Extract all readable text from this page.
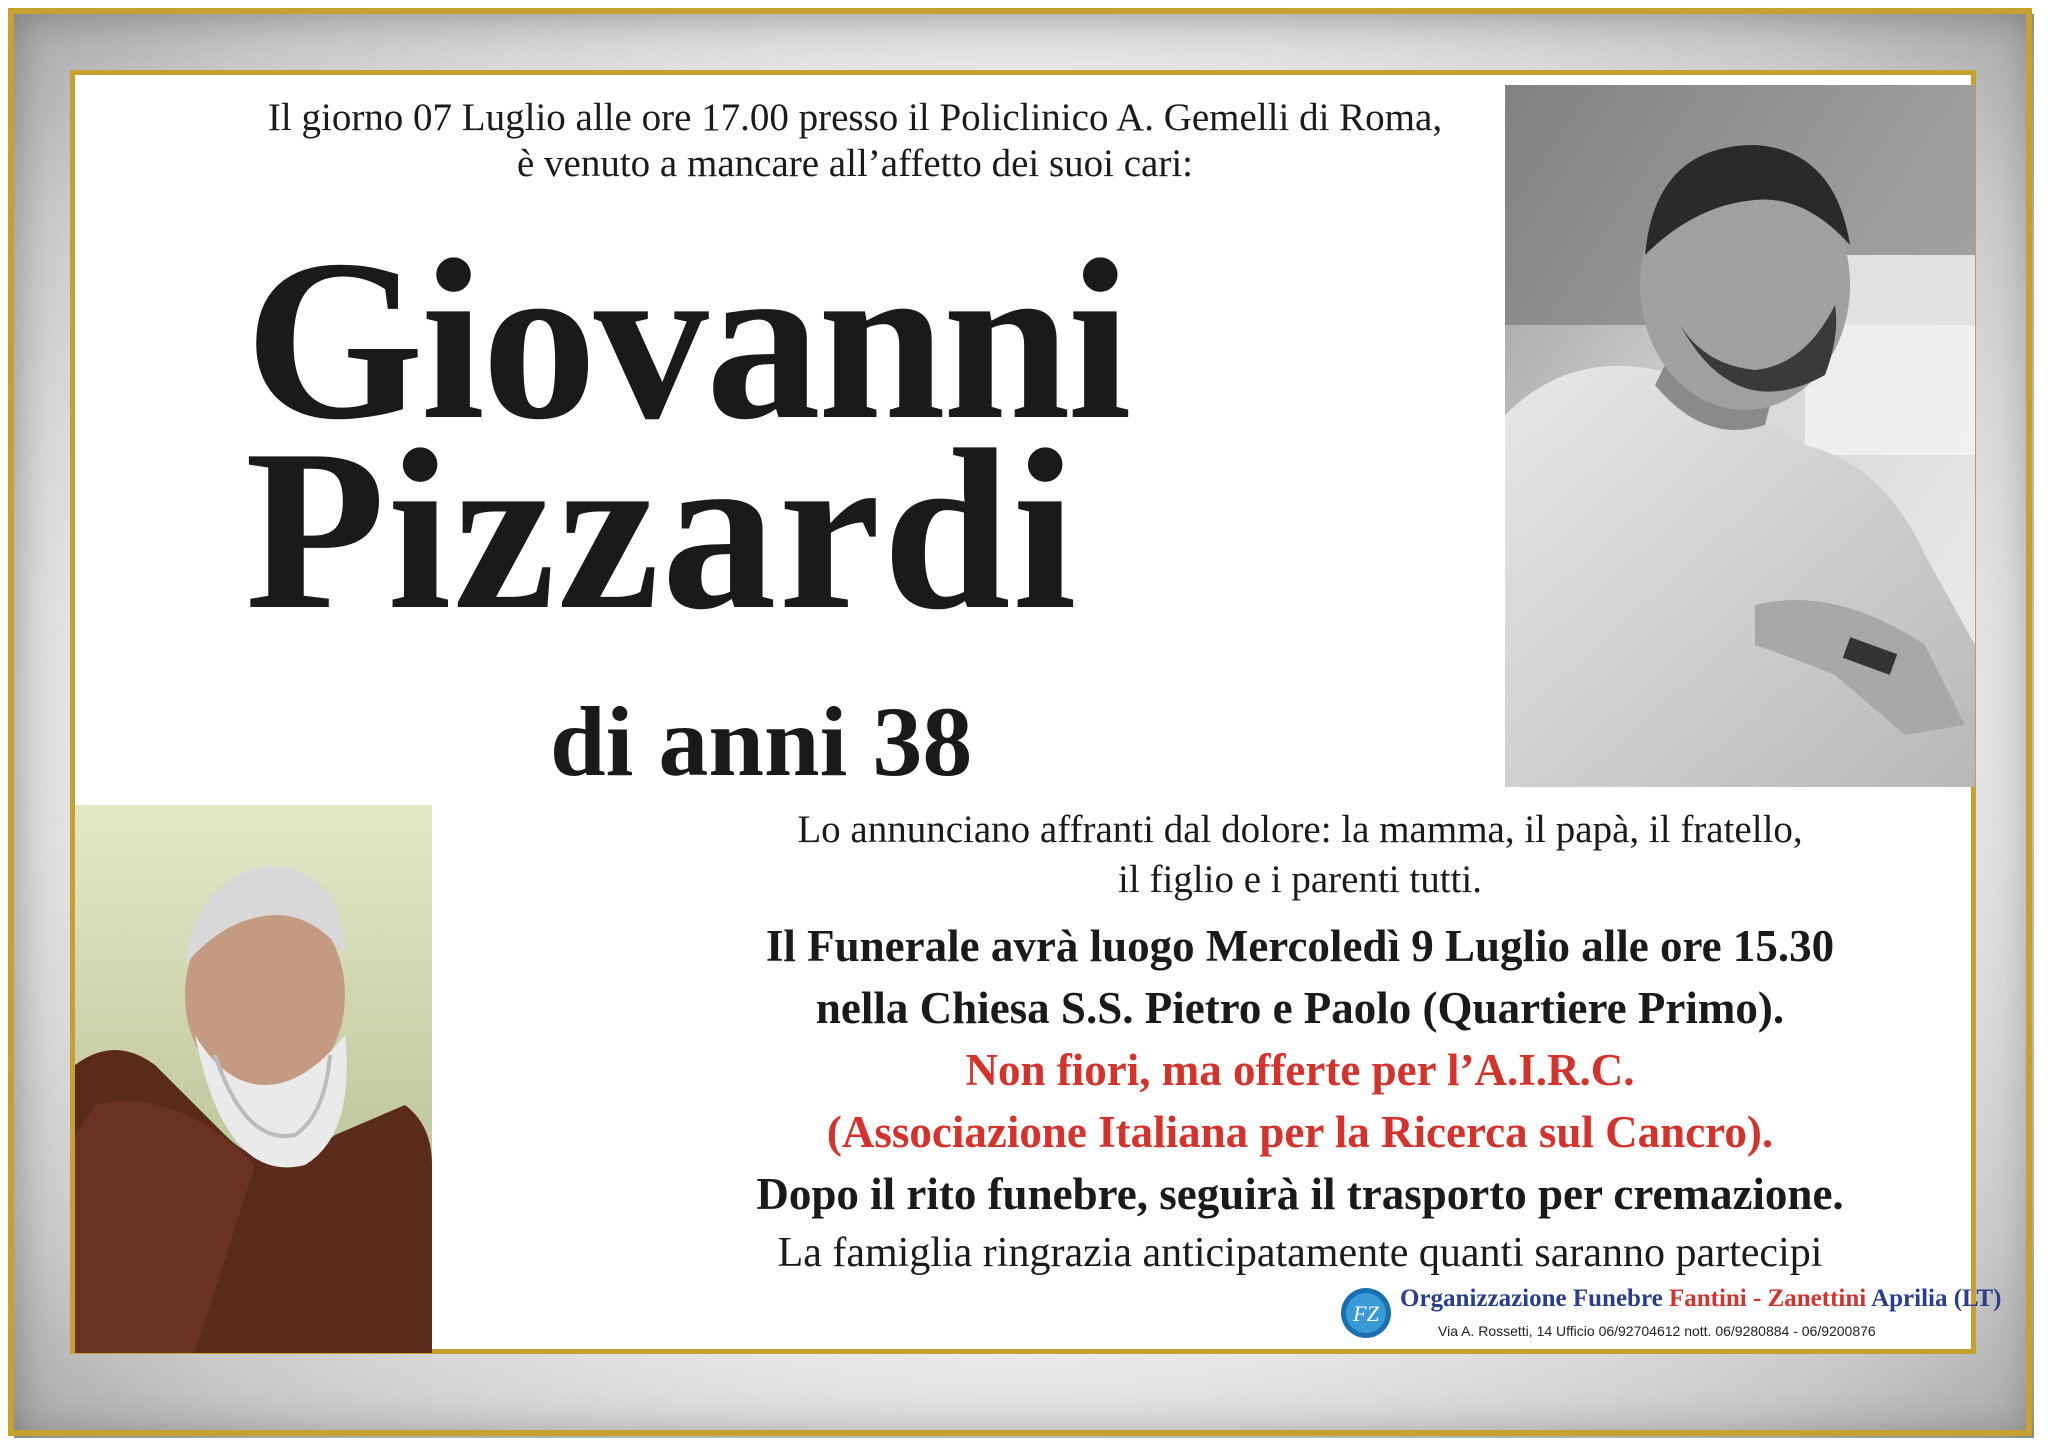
Il giorno 07 Luglio alle ore 17.00 presso il Policlinico A. Gemelli di Roma,
è venuto a mancare all’affetto dei suoi cari:
Giovanni
Pizzardi
di anni 38
Lo annunciano affranti dal dolore: la mamma, il papà, il fratello,
il figlio e i parenti tutti.
Il Funerale avrà luogo Mercoledì 9 Luglio alle ore 15.30
nella Chiesa S.S. Pietro e Paolo (Quartiere Primo).
Non fiori, ma offerte per l’A.I.R.C.
(Associazione Italiana per la Ricerca sul Cancro).
Dopo il rito funebre, seguirà il trasporto per cremazione.
La famiglia ringrazia anticipatamente quanti saranno partecipi
FZ
Organizzazione Funebre Fantini - Zanettini Aprilia (LT)
Via A. Rossetti, 14 Ufficio 06/92704612 nott. 06/9280884 - 06/9200876
